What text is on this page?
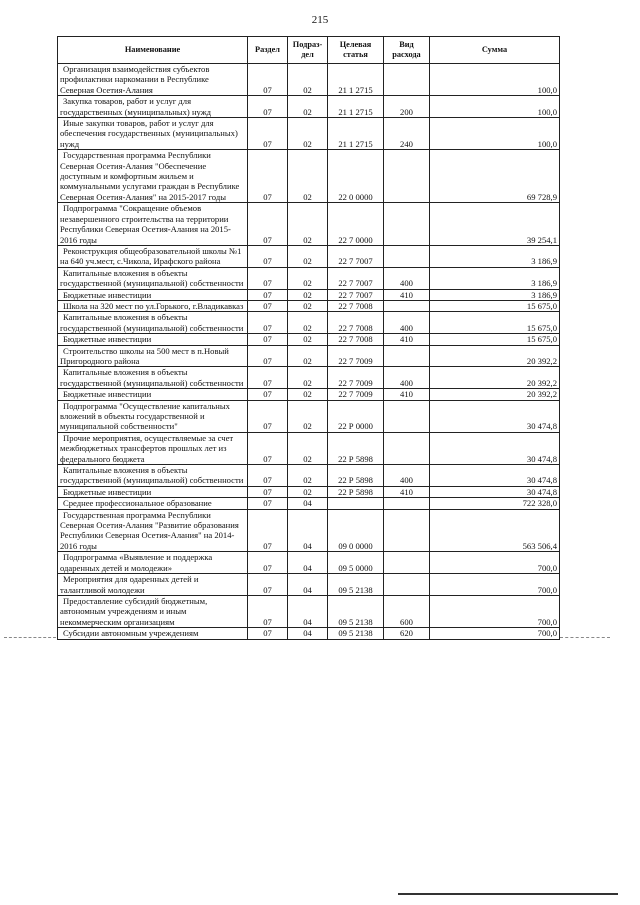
215
Наименование	Раздел	Подраз-дел	Целевая статья	Вид расхода	Сумма
Организация взаимодействия субъектов профилактики наркомании в Республике Северная Осетия-Алания	07	02	21 1 2715		100,0
Закупка товаров, работ и услуг для государственных (муниципальных) нужд	07	02	21 1 2715	200	100,0
Иные закупки товаров, работ и услуг для обеспечения государственных (муниципальных) нужд	07	02	21 1 2715	240	100,0
Государственная программа Республики Северная Осетия-Алания "Обеспечение доступным и комфортным жильем и коммунальными услугами граждан в Республике Северная Осетия-Алания" на 2015-2017 годы	07	02	22 0 0000		69 728,9
Подпрограмма "Сокращение объемов незавершенного строительства на территории Республики Северная Осетия-Алания на 2015-2016 годы	07	02	22 7 0000		39 254,1
Реконструкция общеобразовательной школы №1 на 640 уч.мест, с.Чикола, Ирафского района	07	02	22 7 7007		3 186,9
Капитальные вложения в объекты государственной (муниципальной) собственности	07	02	22 7 7007	400	3 186,9
Бюджетные инвестиции	07	02	22 7 7007	410	3 186,9
Школа на 320 мест по ул.Горького, г.Владикавказ	07	02	22 7 7008		15 675,0
Капитальные вложения в объекты государственной (муниципальной) собственности	07	02	22 7 7008	400	15 675,0
Бюджетные инвестиции	07	02	22 7 7008	410	15 675,0
Строительство школы на 500 мест в п.Новый Пригородного района	07	02	22 7 7009		20 392,2
Капитальные вложения в объекты государственной (муниципальной) собственности	07	02	22 7 7009	400	20 392,2
Бюджетные инвестиции	07	02	22 7 7009	410	20 392,2
Подпрограмма "Осуществление капитальных вложений в объекты государственной и муниципальной собственности"	07	02	22 Р 0000		30 474,8
Прочие мероприятия, осуществляемые за счет межбюджетных трансфертов прошлых лет из федерального бюджета	07	02	22 Р 5898		30 474,8
Капитальные вложения в объекты государственной (муниципальной) собственности	07	02	22 Р 5898	400	30 474,8
Бюджетные инвестиции	07	02	22 Р 5898	410	30 474,8
Среднее профессиональное образование	07	04			722 328,0
Государственная программа Республики Северная Осетия-Алания "Развитие образования Республики Северная Осетия-Алания" на 2014-2016 годы	07	04	09 0 0000		563 506,4
Подпрограмма «Выявление и поддержка одаренных детей и молодежи»	07	04	09 5 0000		700,0
Мероприятия для одаренных детей и талантливой молодежи	07	04	09 5 2138		700,0
Предоставление субсидий бюджетным, автономным учреждениям и иным некоммерческим организациям	07	04	09 5 2138	600	700,0
Субсидии автономным учреждениям	07	04	09 5 2138	620	700,0
